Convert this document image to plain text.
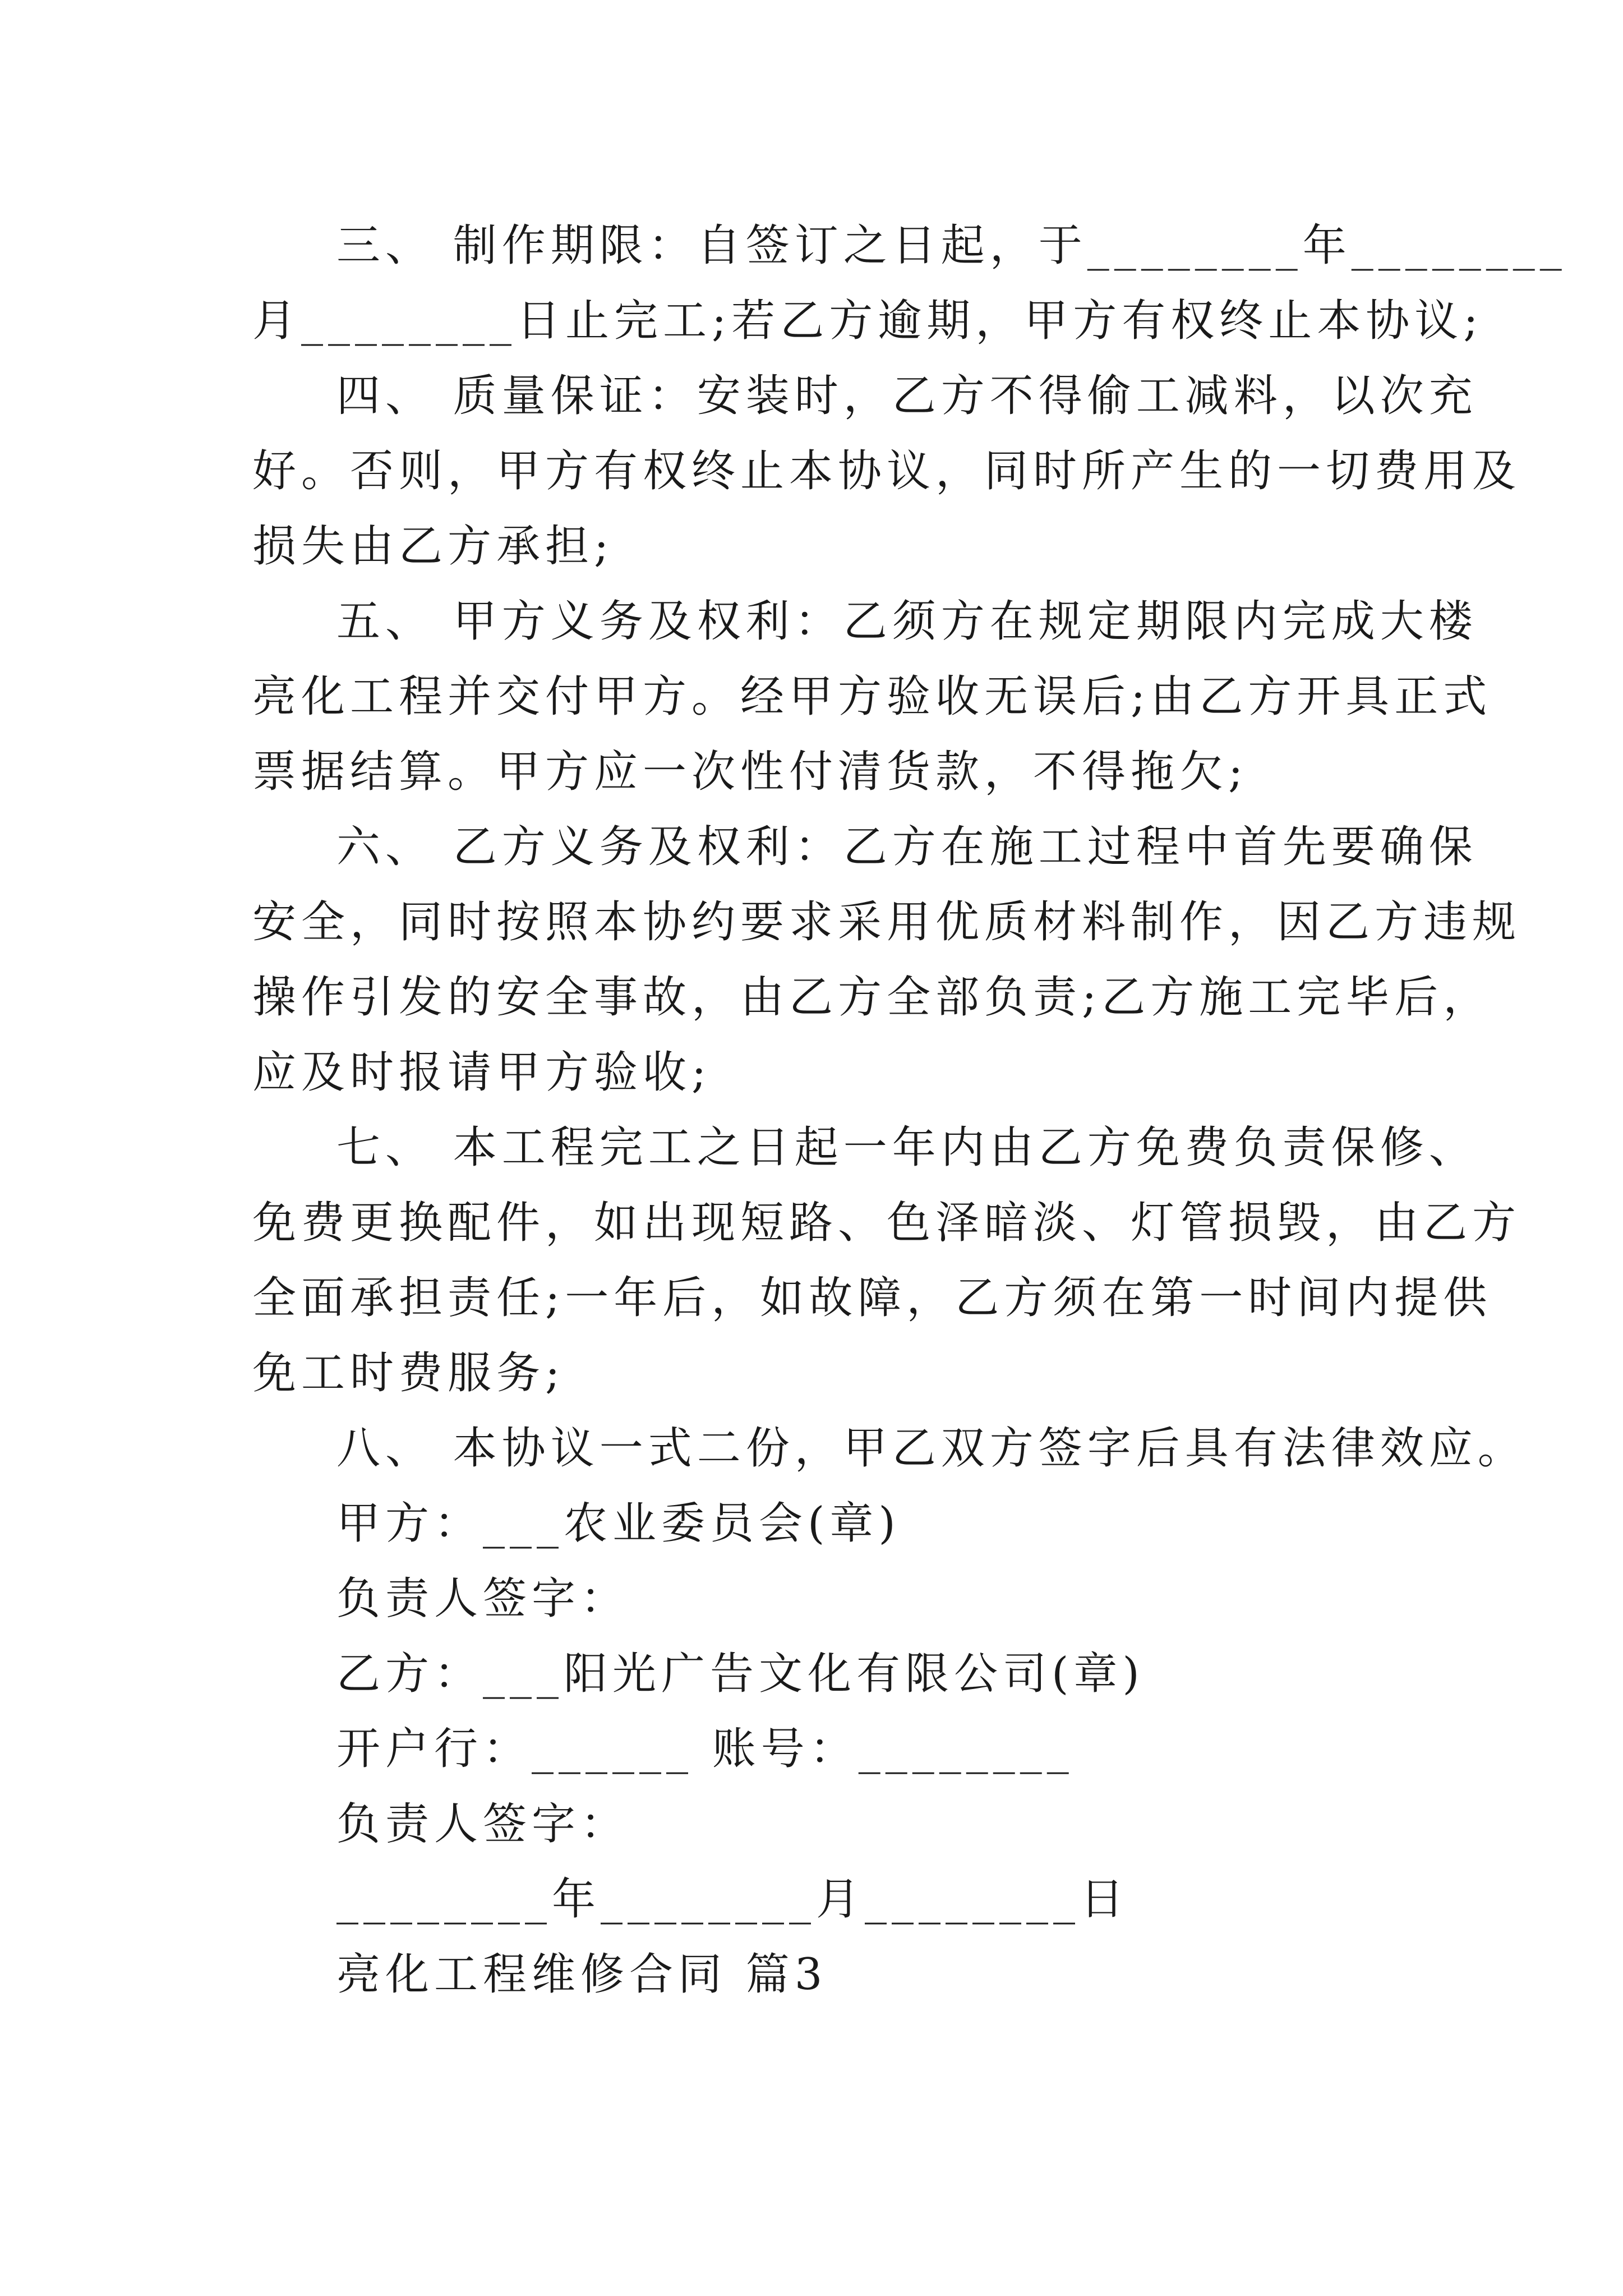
三、 制作期限：自签订之日起，于________年________
月________日止完工;若乙方逾期，甲方有权终止本协议;
四、 质量保证：安装时，乙方不得偷工减料，以次充
好。否则，甲方有权终止本协议，同时所产生的一切费用及
损失由乙方承担;
五、 甲方义务及权利：乙须方在规定期限内完成大楼
亮化工程并交付甲方。经甲方验收无误后;由乙方开具正式
票据结算。甲方应一次性付清货款，不得拖欠;
六、 乙方义务及权利：乙方在施工过程中首先要确保
安全，同时按照本协约要求采用优质材料制作，因乙方违规
操作引发的安全事故，由乙方全部负责;乙方施工完毕后，
应及时报请甲方验收;
七、 本工程完工之日起一年内由乙方免费负责保修、
免费更换配件，如出现短路、色泽暗淡、灯管损毁，由乙方
全面承担责任;一年后，如故障，乙方须在第一时间内提供
免工时费服务;
八、 本协议一式二份，甲乙双方签字后具有法律效应。
甲方：___农业委员会(章)
负责人签字：
乙方：___阳光广告文化有限公司(章)
开户行：______ 账号：________
负责人签字：
________年________月________日
亮化工程维修合同 篇3
